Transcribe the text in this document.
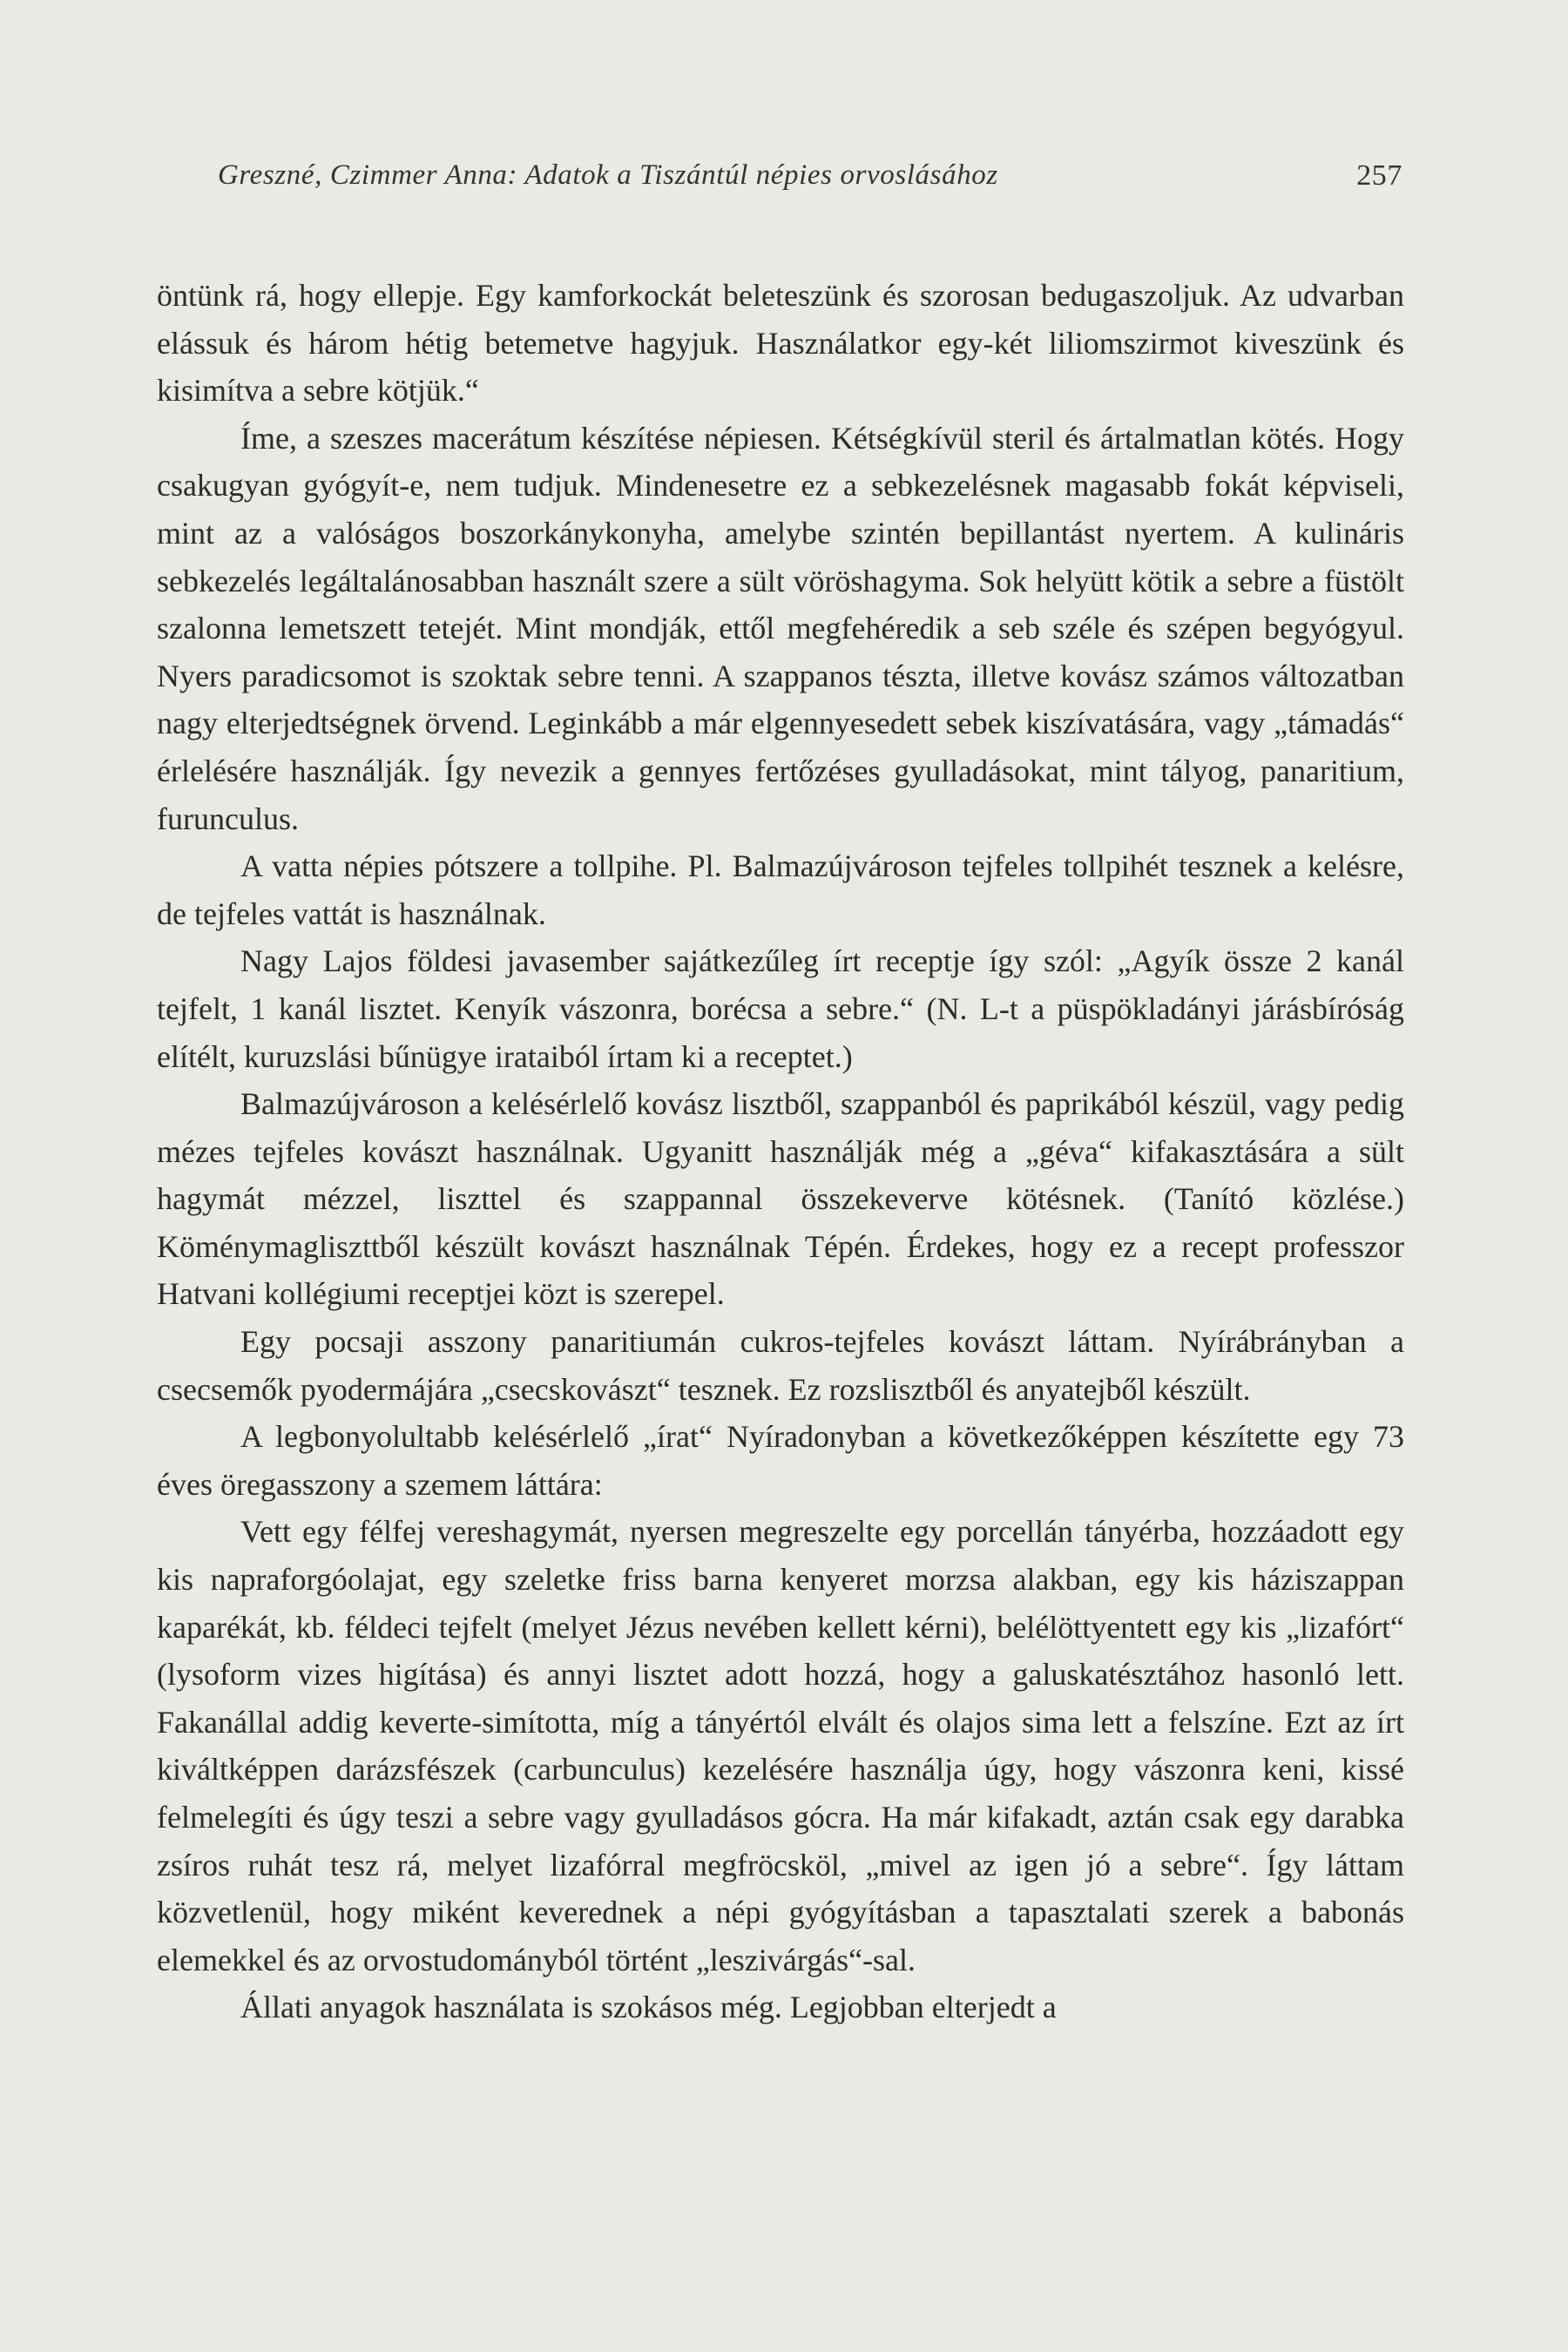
Greszné, Czimmer Anna: Adatok a Tiszántúl népies orvoslásához	257

öntünk rá, hogy ellepje. Egy kamforkockát beleteszünk és szorosan bedugaszoljuk. Az udvarban elássuk és három hétig betemetve hagyjuk. Használatkor egy-két liliomszirmot kiveszünk és kisimítva a sebre kötjük.“

Íme, a szeszes macerátum készítése népiesen. Kétségkívül steril és ártalmatlan kötés. Hogy csakugyan gyógyít-e, nem tudjuk. Mindenesetre ez a sebkezelésnek magasabb fokát képviseli, mint az a valóságos boszorkánykonyha, amelybe szintén bepillantást nyertem. A kulináris sebkezelés legáltalánosabban használt szere a sült vöröshagyma. Sok helyütt kötik a sebre a füstölt szalonna lemetszett tetejét. Mint mondják, ettől megfehéredik a seb széle és szépen begyógyul. Nyers paradicsomot is szoktak sebre tenni. A szappanos tészta, illetve kovász számos változatban nagy elterjedtségnek örvend. Leginkább a már elgennyesedett sebek kiszívatására, vagy „támadás“ érlelésére használják. Így nevezik a gennyes fertőzéses gyulladásokat, mint tályog, panaritium, furunculus.

A vatta népies pótszere a tollpihe. Pl. Balmazújvároson tejfeles tollpihét tesznek a kelésre, de tejfeles vattát is használnak.

Nagy Lajos földesi javasember sajátkezűleg írt receptje így szól: „Agyík össze 2 kanál tejfelt, 1 kanál lisztet. Kenyík vászonra, borécsa a sebre.“ (N. L-t a püspökladányi járásbíróság elítélt, kuruzslási bűnügye irataiból írtam ki a receptet.)

Balmazújvároson a kelésérlelő kovász lisztből, szappanból és paprikából készül, vagy pedig mézes tejfeles kovászt használnak. Ugyanitt használják még a „géva“ kifakasztására a sült hagymát mézzel, liszttel és szappannal összekeverve kötésnek. (Tanító közlése.) Köménymagliszttből készült kovászt használnak Tépén. Érdekes, hogy ez a recept professzor Hatvani kollégiumi receptjei közt is szerepel.

Egy pocsaji asszony panaritiumán cukros-tejfeles kovászt láttam. Nyírábrányban a csecsemők pyodermájára „csecskovászt“ tesznek. Ez rozslisztből és anyatejből készült.

A legbonyolultabb kelésérlelő „írat“ Nyíradonyban a következőképpen készítette egy 73 éves öregasszony a szemem láttára:

Vett egy félfej vereshagymát, nyersen megreszelte egy porcellán tányérba, hozzáadott egy kis napraforgóolajat, egy szeletke friss barna kenyeret morzsa alakban, egy kis háziszappan kaparékát, kb. féldeci tejfelt (melyet Jézus nevében kellett kérni), belélöttyentett egy kis „lizafórt“ (lysoform vizes higítása) és annyi lisztet adott hozzá, hogy a galuskatésztához hasonló lett. Fakanállal addig keverte-simította, míg a tányértól elvált és olajos sima lett a felszíne. Ezt az írt kiváltképpen darázsfészek (carbunculus) kezelésére használja úgy, hogy vászonra keni, kissé felmelegíti és úgy teszi a sebre vagy gyulladásos gócra. Ha már kifakadt, aztán csak egy darabka zsíros ruhát tesz rá, melyet lizafórral megfröcsköl, „mivel az igen jó a sebre“. Így láttam közvetlenül, hogy miként keverednek a népi gyógyításban a tapasztalati szerek a babonás elemekkel és az orvostudományból történt „leszivárgás“-sal.

Állati anyagok használata is szokásos még. Legjobban elterjedt a
